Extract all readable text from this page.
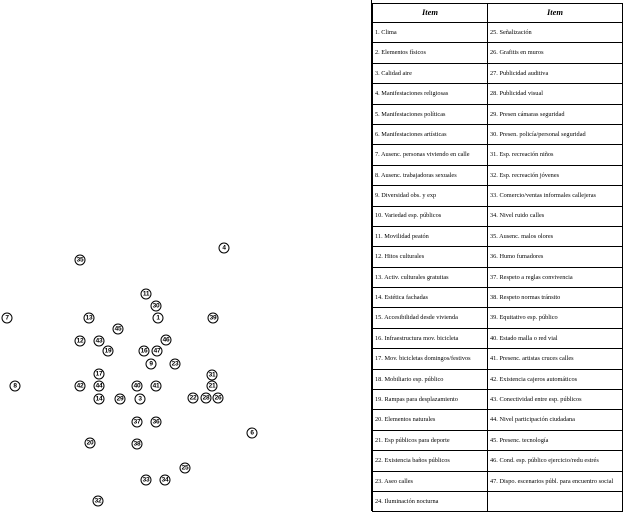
1
3
4
6
7
8
9
11
12
13
14
16
17
19
20
21
22
23
25
26
28
29
30
31
32
33	34
35
36
37
38
39
40	41
42
43
44
45
46
47
Item	Item
1. Clima	25. Señalización
2. Elementos físicos	26. Grafitis en muros
3. Calidad aire	27. Publicidad auditiva
4. Manifestaciones religiosas	28. Publicidad visual
5. Manifestaciones políticas	29. Presen cámaras seguridad
6. Manifestaciones artísticas	30. Presen. policía/personal seguridad
7. Ausenc. personas viviendo en calle	31. Esp. recreación niños
8. Ausenc. trabajadoras sexuales	32. Esp. recreación jóvenes
9. Diversidad obs. y exp	33. Comercio/ventas informales callejeras
10. Variedad esp. públicos	34. Nivel ruido calles
11. Movilidad peatón	35. Ausenc. malos olores
12. Hitos culturales	36. Humo fumadores
13. Activ. culturales gratuitas	37. Respeto a reglas convivencia
14. Estética fachadas	38. Respeto normas tránsito
15. Accesibilidad desde vivienda	39. Equitativo esp. público
16. Infraestructura mov. bicicleta	40. Estado malla o red vial
17. Mov. bicicletas domingos/festivos	41. Presenc. artistas cruces calles
18. Mobiliario esp. público	42. Existencia cajeros automáticos
19. Rampas para desplazamiento	43. Conectividad entre esp. públicos
20. Elementos naturales	44. Nivel participación ciudadana
21. Esp públicos para deporte	45. Presenc. tecnología
22. Existencia baños públicos	46. Cond. esp. público ejercicio/redu estrés
23. Aseo calles	47. Dispo. escenarios públ. para encuentro social
24. Iluminación nocturna	
